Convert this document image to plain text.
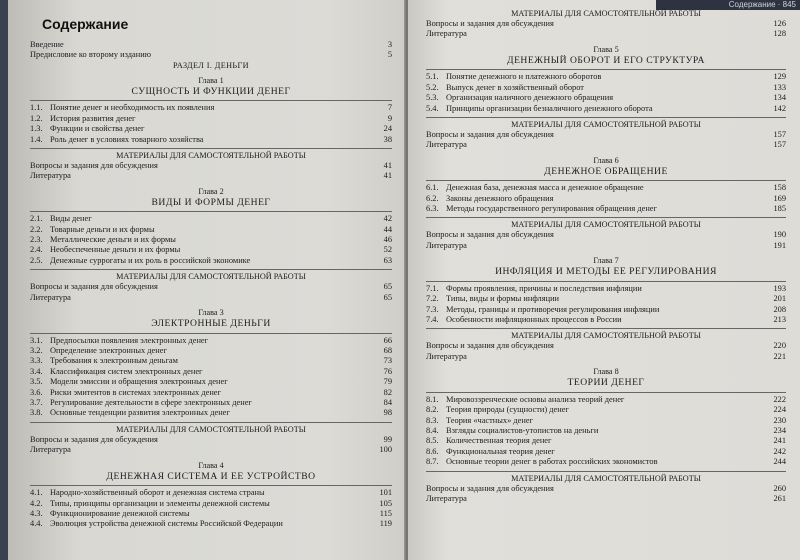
Содержание
Введение	3
Предисловие ко второму изданию	5
РАЗДЕЛ I. ДЕНЬГИ
Глава 1
СУЩНОСТЬ И ФУНКЦИИ ДЕНЕГ
1.1. Понятие денег и необходимость их появления	7
1.2. История развития денег	9
1.3. Функции и свойства денег	24
1.4. Роль денег в условиях товарного хозяйства	38
МАТЕРИАЛЫ ДЛЯ САМОСТОЯТЕЛЬНОЙ РАБОТЫ
Вопросы и задания для обсуждения	41
Литература	41
Глава 2
ВИДЫ И ФОРМЫ ДЕНЕГ
2.1. Виды денег	42
2.2. Товарные деньги и их формы	44
2.3. Металлические деньги и их формы	46
2.4. Необеспеченные деньги и их формы	52
2.5. Денежные суррогаты и их роль в российской экономике	63
МАТЕРИАЛЫ ДЛЯ САМОСТОЯТЕЛЬНОЙ РАБОТЫ
Вопросы и задания для обсуждения	65
Литература	65
Глава 3
ЭЛЕКТРОННЫЕ ДЕНЬГИ
3.1. Предпосылки появления электронных денег	66
3.2. Определение электронных денег	68
3.3. Требования к электронным деньгам	73
3.4. Классификация систем электронных денег	76
3.5. Модели эмиссии и обращения электронных денег	79
3.6. Риски эмитентов в системах электронных денег	82
3.7. Регулирование деятельности в сфере электронных денег	84
3.8. Основные тенденции развития электронных денег	98
МАТЕРИАЛЫ ДЛЯ САМОСТОЯТЕЛЬНОЙ РАБОТЫ
Вопросы и задания для обсуждения	99
Литература	100
Глава 4
ДЕНЕЖНАЯ СИСТЕМА И ЕЕ УСТРОЙСТВО
4.1. Народно-хозяйственный оборот и денежная система страны	101
4.2. Типы, принципы организации и элементы денежной системы	105
4.3. Функционирование денежной системы	115
4.4. Эволюция устройства денежной системы Российской Федерации	119
Содержание · 845
МАТЕРИАЛЫ ДЛЯ САМОСТОЯТЕЛЬНОЙ РАБОТЫ
Вопросы и задания для обсуждения	126
Литература	128
Глава 5
ДЕНЕЖНЫЙ ОБОРОТ И ЕГО СТРУКТУРА
5.1. Понятие денежного и платежного оборотов	129
5.2. Выпуск денег в хозяйственный оборот	133
5.3. Организация наличного денежного обращения	134
5.4. Принципы организации безналичного денежного оборота	142
МАТЕРИАЛЫ ДЛЯ САМОСТОЯТЕЛЬНОЙ РАБОТЫ
Вопросы и задания для обсуждения	157
Литература	157
Глава 6
ДЕНЕЖНОЕ ОБРАЩЕНИЕ
6.1. Денежная база, денежная масса и денежное обращение	158
6.2. Законы денежного обращения	169
6.3. Методы государственного регулирования обращения денег	185
МАТЕРИАЛЫ ДЛЯ САМОСТОЯТЕЛЬНОЙ РАБОТЫ
Вопросы и задания для обсуждения	190
Литература	191
Глава 7
ИНФЛЯЦИЯ И МЕТОДЫ ЕЕ РЕГУЛИРОВАНИЯ
7.1. Формы проявления, причины и последствия инфляции	193
7.2. Типы, виды и формы инфляции	201
7.3. Методы, границы и противоречия регулирования инфляции	208
7.4. Особенности инфляционных процессов в России	213
МАТЕРИАЛЫ ДЛЯ САМОСТОЯТЕЛЬНОЙ РАБОТЫ
Вопросы и задания для обсуждения	220
Литература	221
Глава 8
ТЕОРИИ ДЕНЕГ
8.1. Мировоззренческие основы анализа теорий денег	222
8.2. Теория природы (сущности) денег	224
8.3. Теория «частных» денег	230
8.4. Взгляды социалистов-утопистов на деньги	234
8.5. Количественная теория денег	241
8.6. Функциональная теория денег	242
8.7. Основные теории денег в работах российских экономистов	244
МАТЕРИАЛЫ ДЛЯ САМОСТОЯТЕЛЬНОЙ РАБОТЫ
Вопросы и задания для обсуждения	260
Литература	261
